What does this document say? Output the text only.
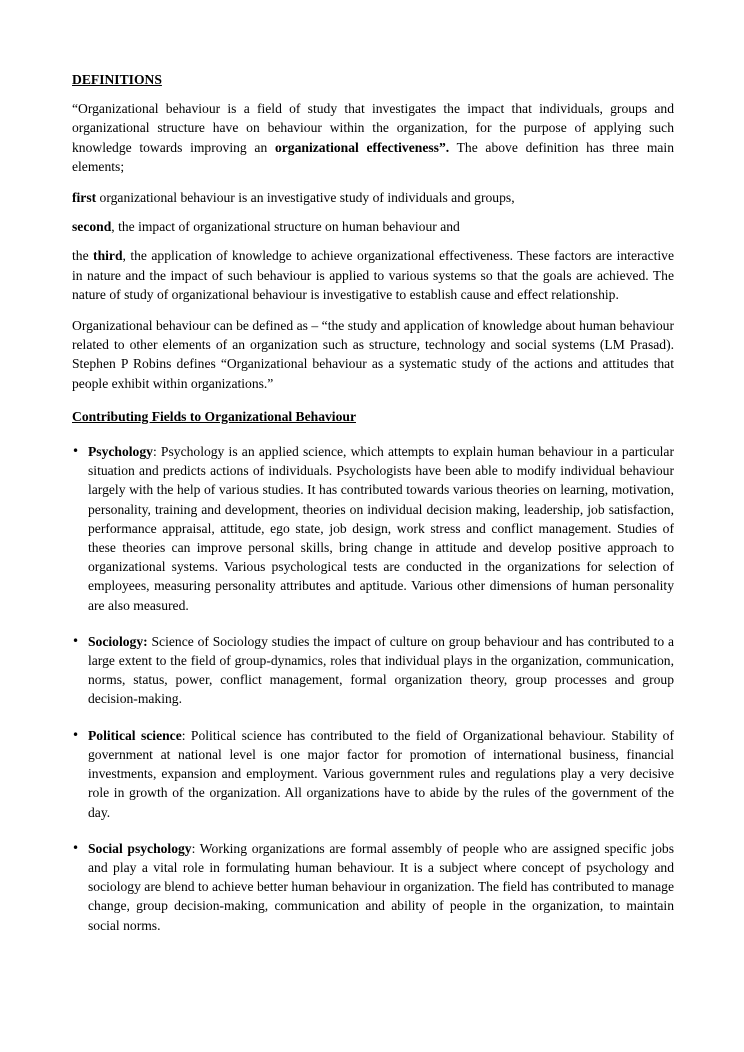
DEFINITIONS

“Organizational behaviour is a field of study that investigates the impact that individuals, groups and organizational structure have on behaviour within the organization, for the purpose of applying such knowledge towards improving an organizational effectiveness”. The above definition has three main elements;

first organizational behaviour is an investigative study of individuals and groups,

second, the impact of organizational structure on human behaviour and

the third, the application of knowledge to achieve organizational effectiveness. These factors are interactive in nature and the impact of such behaviour is applied to various systems so that the goals are achieved. The nature of study of organizational behaviour is investigative to establish cause and effect relationship.

Organizational behaviour can be defined as – “the study and application of knowledge about human behaviour related to other elements of an organization such as structure, technology and social systems (LM Prasad). Stephen P Robins defines “Organizational behaviour as a systematic study of the actions and attitudes that people exhibit within organizations.”

Contributing Fields to Organizational Behaviour
• Psychology: Psychology is an applied science, which attempts to explain human behaviour in a particular situation and predicts actions of individuals. Psychologists have been able to modify individual behaviour largely with the help of various studies. It has contributed towards various theories on learning, motivation, personality, training and development, theories on individual decision making, leadership, job satisfaction, performance appraisal, attitude, ego state, job design, work stress and conflict management. Studies of these theories can improve personal skills, bring change in attitude and develop positive approach to organizational systems. Various psychological tests are conducted in the organizations for selection of employees, measuring personality attributes and aptitude. Various other dimensions of human personality are also measured.
• Sociology: Science of Sociology studies the impact of culture on group behaviour and has contributed to a large extent to the field of group-dynamics, roles that individual plays in the organization, communication, norms, status, power, conflict management, formal organization theory, group processes and group decision-making.
• Political science: Political science has contributed to the field of Organizational behaviour. Stability of government at national level is one major factor for promotion of international business, financial investments, expansion and employment. Various government rules and regulations play a very decisive role in growth of the organization. All organizations have to abide by the rules of the government of the day.
• Social psychology: Working organizations are formal assembly of people who are assigned specific jobs and play a vital role in formulating human behaviour. It is a subject where concept of psychology and sociology are blend to achieve better human behaviour in organization. The field has contributed to manage change, group decision-making, communication and ability of people in the organization, to maintain social norms.
